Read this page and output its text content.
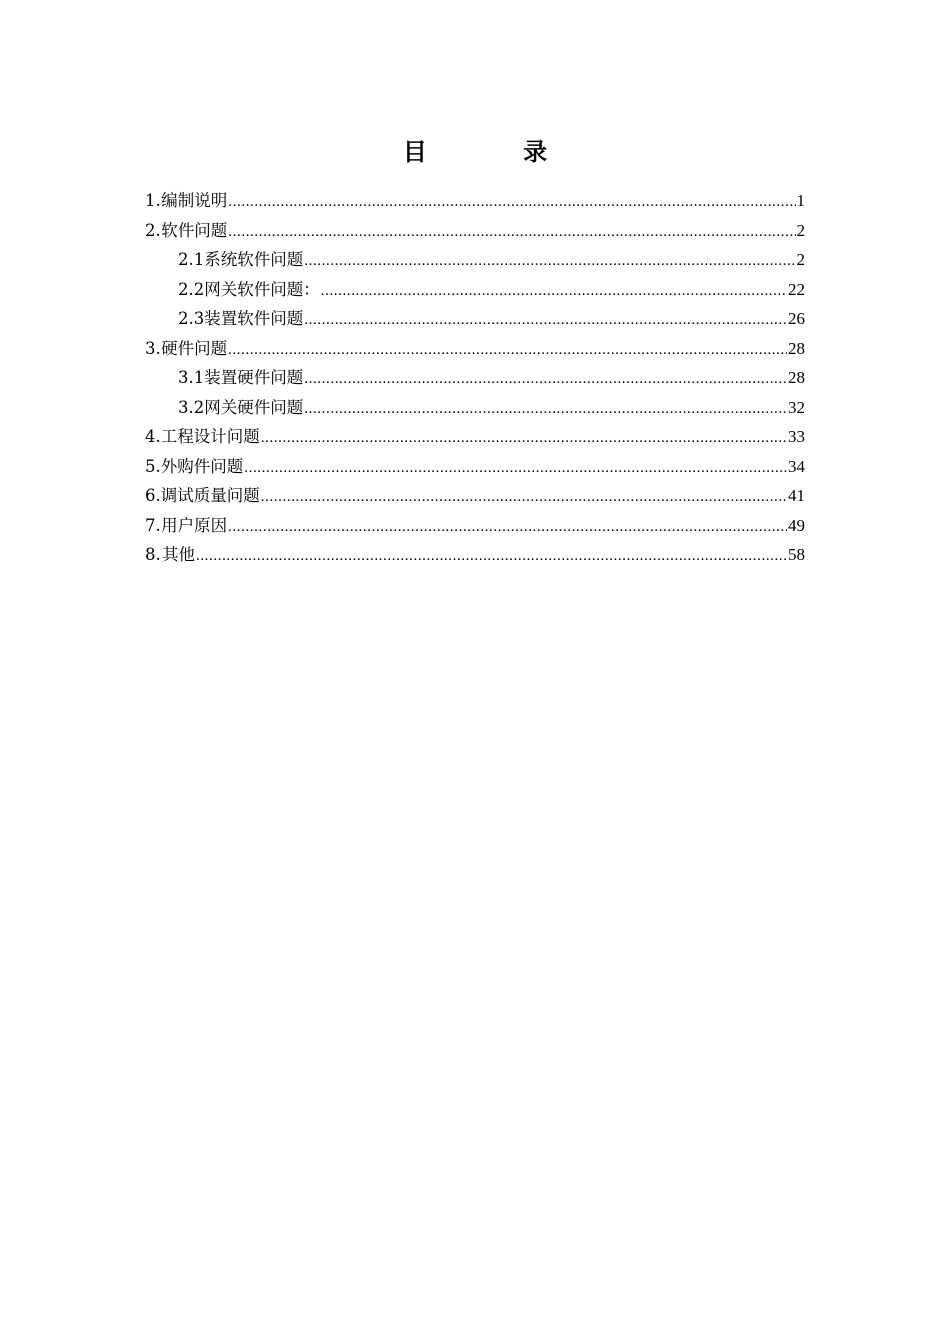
目 录
1. 编制说明 .....	1
2. 软件问题 .....	2
2.1 系统软件问题 .....	2
2.2 网关软件问题： .....	22
2.3 装置软件问题 .....	26
3. 硬件问题 .....	28
3.1 装置硬件问题 .....	28
3.2 网关硬件问题 .....	32
4. 工程设计问题 .....	33
5. 外购件问题 .....	34
6. 调试质量问题 .....	41
7. 用户原因 .....	49
8. 其他 .....	58
